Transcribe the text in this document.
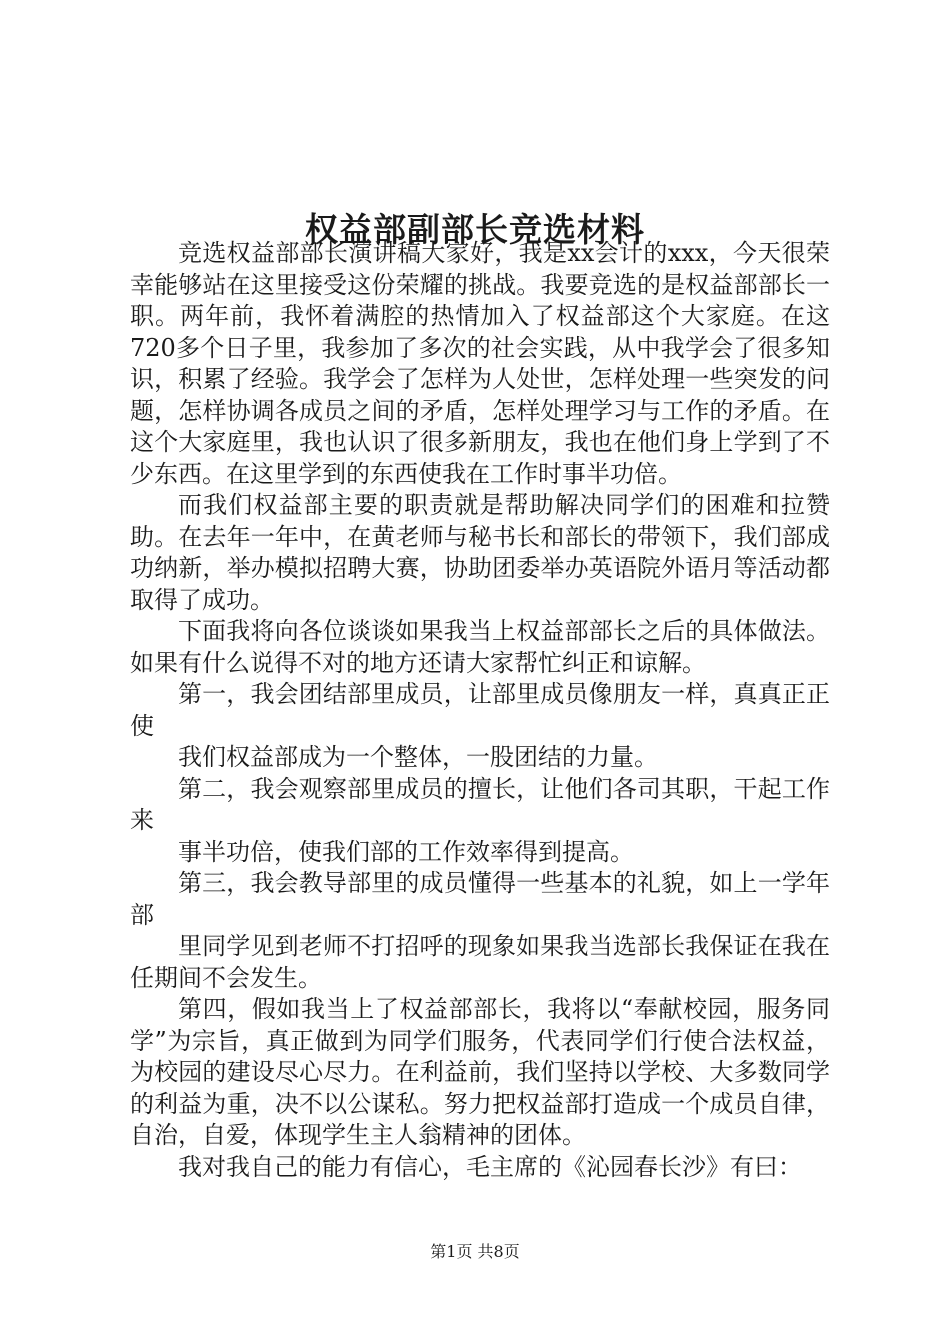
权益部副部长竞选材料

竞选权益部部长演讲稿大家好，我是xx会计的xxx，今天很荣幸能够站在这里接受这份荣耀的挑战。我要竞选的是权益部部长一职。两年前，我怀着满腔的热情加入了权益部这个大家庭。在这720多个日子里，我参加了多次的社会实践，从中我学会了很多知识，积累了经验。我学会了怎样为人处世，怎样处理一些突发的问题，怎样协调各成员之间的矛盾，怎样处理学习与工作的矛盾。在这个大家庭里，我也认识了很多新朋友，我也在他们身上学到了不少东西。在这里学到的东西使我在工作时事半功倍。

而我们权益部主要的职责就是帮助解决同学们的困难和拉赞助。在去年一年中，在黄老师与秘书长和部长的带领下，我们部成功纳新，举办模拟招聘大赛，协助团委举办英语院外语月等活动都取得了成功。

下面我将向各位谈谈如果我当上权益部部长之后的具体做法。如果有什么说得不对的地方还请大家帮忙纠正和谅解。

第一，我会团结部里成员，让部里成员像朋友一样，真真正正使

我们权益部成为一个整体，一股团结的力量。

第二，我会观察部里成员的擅长，让他们各司其职，干起工作来

事半功倍，使我们部的工作效率得到提高。

第三，我会教导部里的成员懂得一些基本的礼貌，如上一学年部

里同学见到老师不打招呼的现象如果我当选部长我保证在我在任期间不会发生。

第四，假如我当上了权益部部长，我将以“奉献校园，服务同学”为宗旨，真正做到为同学们服务，代表同学们行使合法权益，为校园的建设尽心尽力。在利益前，我们坚持以学校、大多数同学的利益为重，决不以公谋私。努力把权益部打造成一个成员自律，自治，自爱，体现学生主人翁精神的团体。

我对我自己的能力有信心，毛主席的《沁园春长沙》有曰：

第1页 共8页
